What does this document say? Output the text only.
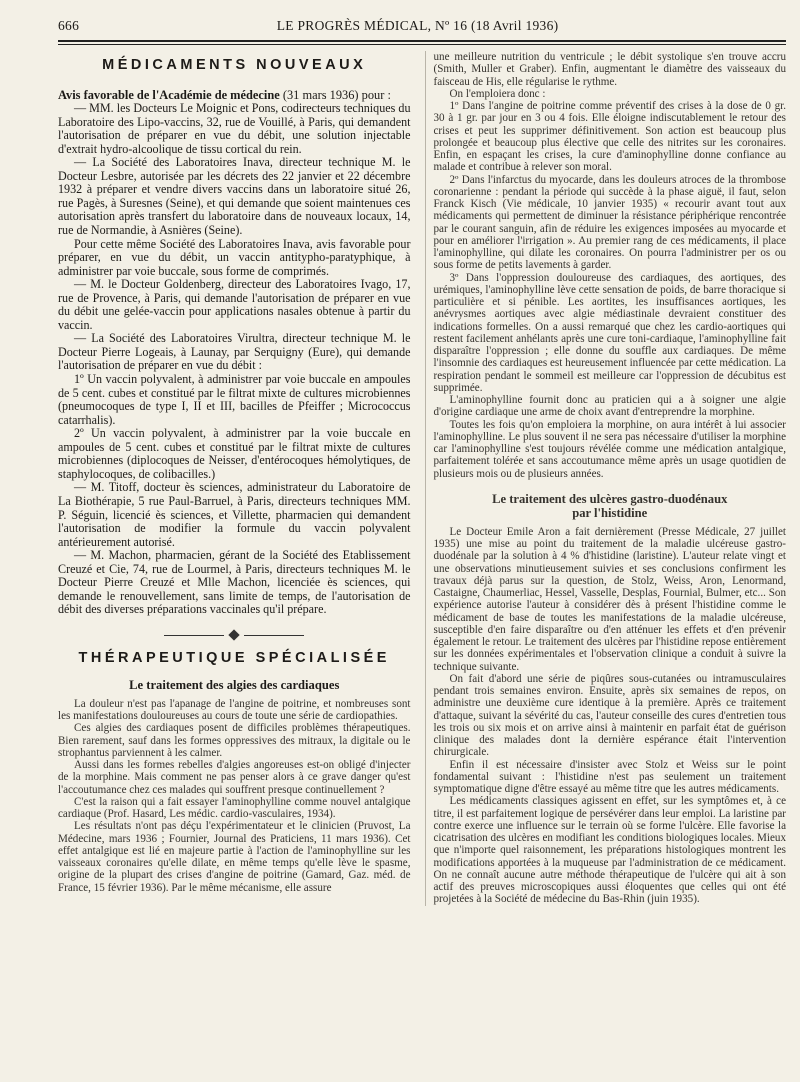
666	LE PROGRÈS MÉDICAL, Nº 16 (18 Avril 1936)
MÉDICAMENTS NOUVEAUX

Avis favorable de l'Académie de médecine (31 mars 1936) pour :

— MM. les Docteurs Le Moignic et Pons, codirecteurs techniques du Laboratoire des Lipo-vaccins, 32, rue de Vouillé, à Paris, qui demandent l'autorisation de préparer en vue du débit, une solution injectable d'extrait hydro-alcoolique de tissu cortical du rein.

— La Société des Laboratoires Inava, directeur technique M. le Docteur Lesbre, autorisée par les décrets des 22 janvier et 22 décembre 1932 à préparer et vendre divers vaccins dans un laboratoire situé 26, rue Pagès, à Suresnes (Seine), et qui demande que soient maintenues ces autorisation après transfert du laboratoire dans de nouveaux locaux, 14, rue de Normandie, à Asnières (Seine).

Pour cette même Société des Laboratoires Inava, avis favorable pour préparer, en vue du débit, un vaccin antitypho-paratyphique, à administrer par voie buccale, sous forme de comprimés.

— M. le Docteur Goldenberg, directeur des Laboratoires Ivago, 17, rue de Provence, à Paris, qui demande l'autorisation de préparer en vue du débit une gelée-vaccin pour applications nasales obtenue à partir du vaccin.

— La Société des Laboratoires Virultra, directeur technique M. le Docteur Pierre Logeais, à Launay, par Serquigny (Eure), qui demande l'autorisation de préparer en vue du débit :

1º Un vaccin polyvalent, à administrer par voie buccale en ampoules de 5 cent. cubes et constitué par le filtrat mixte de cultures microbiennes (pneumocoques de type I, II et III, bacilles de Pfeiffer ; Micrococcus catarrhalis).

2º Un vaccin polyvalent, à administrer par la voie buccale en ampoules de 5 cent. cubes et constitué par le filtrat mixte de cultures microbiennes (diplocoques de Neisser, d'entérocoques hémolytiques, de staphylocoques, de colibacilles.)

— M. Titoff, docteur ès sciences, administrateur du Laboratoire de La Biothérapie, 5 rue Paul-Barruel, à Paris, directeurs techniques MM. P. Séguin, licencié ès sciences, et Villette, pharmacien qui demandent l'autorisation de modifier la formule du vaccin polyvalent antérieurement autorisé.

— M. Machon, pharmacien, gérant de la Société des Etablissement Creuzé et Cie, 74, rue de Lourmel, à Paris, directeurs techniques M. le Docteur Pierre Creuzé et Mlle Machon, licenciée ès sciences, qui demande le renouvellement, sans limite de temps, de l'autorisation de débit des diverses préparations vaccinales qu'il prépare.

THÉRAPEUTIQUE SPÉCIALISÉE
Le traitement des algies des cardiaques

La douleur n'est pas l'apanage de l'angine de poitrine, et nombreuses sont les manifestations douloureuses au cours de toute une série de cardiopathies.

Ces algies des cardiaques posent de difficiles problèmes thérapeutiques. Bien rarement, sauf dans les formes oppressives des mitraux, la digitale ou le strophantus parviennent à les calmer.

Aussi dans les formes rebelles d'algies angoreuses est-on obligé d'injecter de la morphine. Mais comment ne pas penser alors à ce grave danger qu'est l'accoutumance chez ces malades qui souffrent presque continuellement ?

C'est la raison qui a fait essayer l'aminophylline comme nouvel antalgique cardiaque (Prof. Hasard, Les médic. cardio-vasculaires, 1934).

Les résultats n'ont pas déçu l'expérimentateur et le clinicien (Pruvost, La Médecine, mars 1936 ; Fournier, Journal des Praticiens, 11 mars 1936). Cet effet antalgique est lié en majeure partie à l'action de l'aminophylline sur les vaisseaux coronaires qu'elle dilate, en même temps qu'elle lève le spasme, origine de la plupart des crises d'angine de poitrine (Gamard, Gaz. méd. de France, 15 février 1936). Par le même mécanisme, elle assure

une meilleure nutrition du ventricule ; le débit systolique s'en trouve accru (Smith, Muller et Graber). Enfin, augmentant le diamètre des vaisseaux du faisceau de His, elle régularise le rythme.

On l'emploiera donc :

1º Dans l'angine de poitrine comme préventif des crises à la dose de 0 gr. 30 à 1 gr. par jour en 3 ou 4 fois. Elle éloigne indiscutablement le retour des crises et peut les supprimer définitivement. Son action est beaucoup plus prolongée et beaucoup plus élective que celle des nitrites sur les coronaires. Enfin, en espaçant les crises, la cure d'aminophylline donne confiance au malade et contribue à relever son moral.

2º Dans l'infarctus du myocarde, dans les douleurs atroces de la thrombose coronarienne : pendant la période qui succède à la phase aiguë, il faut, selon Franck Kisch (Vie médicale, 10 janvier 1935) « recourir avant tout aux médicaments qui permettent de diminuer la résistance périphérique rencontrée par le courant sanguin, afin de réduire les exigences imposées au myocarde et pour en améliorer l'irrigation ». Au premier rang de ces médicaments, il place l'aminophylline, qui dilate les coronaires. On pourra l'administrer per os ou sous forme de petits lavements à garder.

3º Dans l'oppression douloureuse des cardiaques, des aortiques, des urémiques, l'aminophylline lève cette sensation de poids, de barre thoracique si particulière et si pénible. Les aortites, les insuffisances aortiques, les anévrysmes aortiques avec algie médiastinale devraient constituer des indications formelles. On a aussi remarqué que chez les cardio-aortiques qui restent facilement anhélants après une cure toni-cardiaque, l'aminophylline fait disparaître l'oppression ; elle donne du souffle aux cardiaques. De même l'insomnie des cardiaques est heureusement influencée par cette médication. La respiration pendant le sommeil est meilleure car l'oppression de décubitus est supprimée.

L'aminophylline fournit donc au praticien qui a à soigner une algie d'origine cardiaque une arme de choix avant d'entreprendre la morphine.

Toutes les fois qu'on emploiera la morphine, on aura intérêt à lui associer l'aminophylline. Le plus souvent il ne sera pas nécessaire d'utiliser la morphine car l'aminophylline s'est toujours révélée comme une médication antalgique, parfaitement tolérée et sans accoutumance même après un usage quotidien de plusieurs mois ou de plusieurs années.

Le traitement des ulcères gastro-duodénaux
par l'histidine

Le Docteur Emile Aron a fait dernièrement (Presse Médicale, 27 juillet 1935) une mise au point du traitement de la maladie ulcéreuse gastro-duodénale par la solution à 4 % d'histidine (laristine). L'auteur relate vingt et une observations minutieusement suivies et ses conclusions confirment les travaux déjà parus sur la question, de Stolz, Weiss, Aron, Lenormand, Castaigne, Chaumerliac, Hessel, Vasselle, Desplas, Fournial, Bulmer, etc... Son expérience autorise l'auteur à considérer dès à présent l'histidine comme le médicament de base de toutes les manifestations de la maladie ulcéreuse, susceptible d'en faire disparaître ou d'en atténuer les effets et d'en prévenir également le retour. Le traitement des ulcères par l'histidine repose entièrement sur les données expérimentales et l'observation clinique a conduit à suivre la technique suivante.

On fait d'abord une série de piqûres sous-cutanées ou intramusculaires pendant trois semaines environ. Ensuite, après six semaines de repos, on administre une deuxième cure identique à la première. Après ce traitement d'attaque, suivant la sévérité du cas, l'auteur conseille des cures d'entretien tous les trois ou six mois et on arrive ainsi à maintenir en parfait état de guérison clinique des malades dont la dernière espérance était l'intervention chirurgicale.

Enfin il est nécessaire d'insister avec Stolz et Weiss sur le point fondamental suivant : l'histidine n'est pas seulement un traitement symptomatique digne d'être essayé au même titre que les autres médicaments.

Les médicaments classiques agissent en effet, sur les symptômes et, à ce titre, il est parfaitement logique de persévérer dans leur emploi. La laristine par contre exerce une influence sur le terrain où se forme l'ulcère. Elle favorise la cicatrisation des ulcères en modifiant les conditions biologiques locales. Mieux que n'importe quel raisonnement, les préparations histologiques montrent les modifications apportées à la muqueuse par l'administration de ce médicament. On ne connaît aucune autre méthode thérapeutique de l'ulcère qui ait à son actif des preuves microscopiques aussi éloquentes que celles qui ont été projetées à la Société de médecine du Bas-Rhin (juin 1935).
